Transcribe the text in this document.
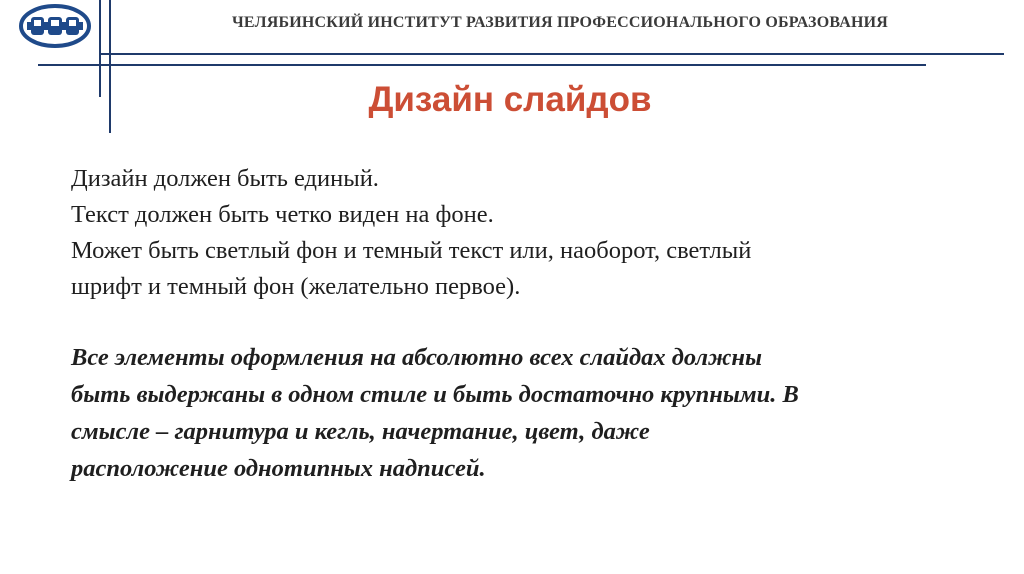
ЧЕЛЯБИНСКИЙ ИНСТИТУТ РАЗВИТИЯ ПРОФЕССИОНАЛЬНОГО ОБРАЗОВАНИЯ
Дизайн слайдов
Дизайн должен быть единый.
Текст должен быть четко виден на фоне.
Может быть светлый фон и темный текст или, наоборот, светлый
шрифт и темный фон (желательно первое).
Все элементы оформления на абсолютно всех слайдах должны
быть выдержаны в одном стиле и быть достаточно крупными. В
смысле – гарнитура и кегль, начертание, цвет, даже
расположение однотипных надписей.
